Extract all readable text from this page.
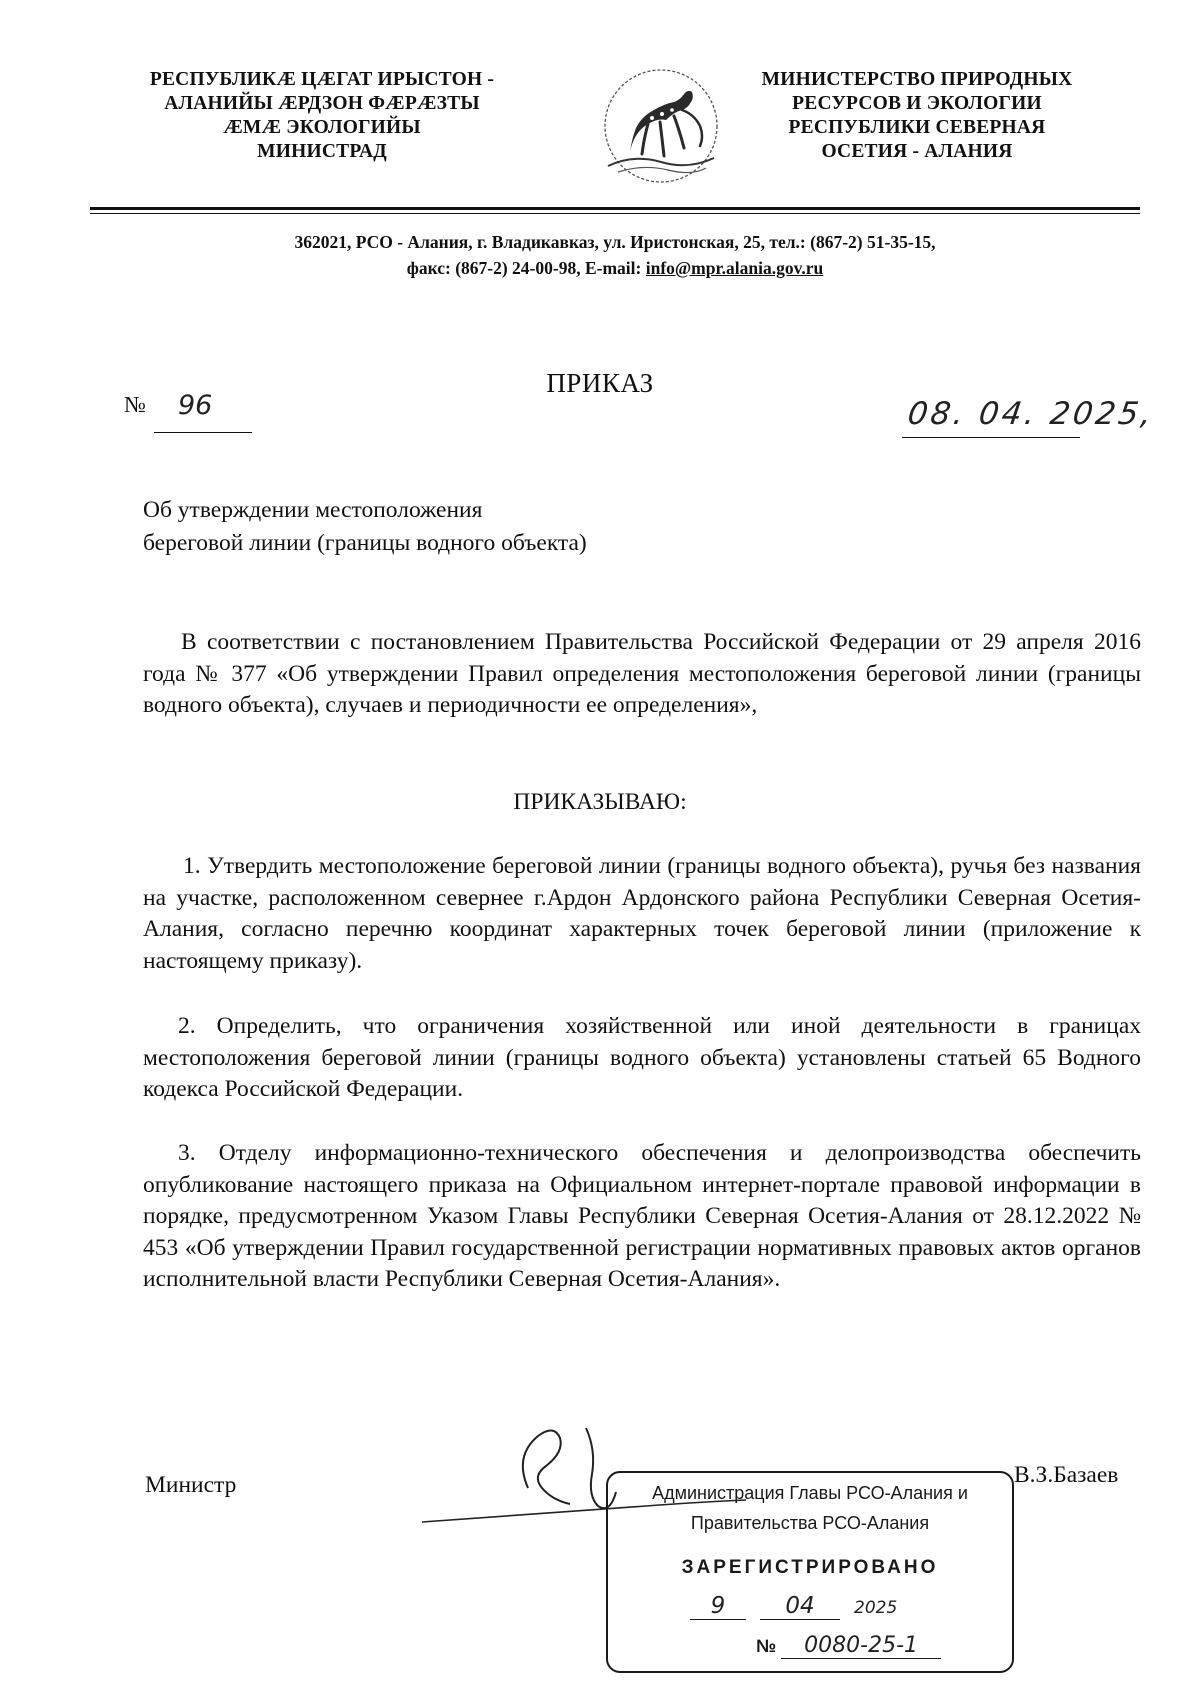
РЕСПУБЛИКÆ ЦÆГАТ ИРЫСТОН -
АЛАНИЙЫ ÆРДЗОН ФÆРÆЗТЫ
ÆМÆ ЭКОЛОГИЙЫ
МИНИСТРАД
МИНИСТЕРСТВО ПРИРОДНЫХ
РЕСУРСОВ И ЭКОЛОГИИ
РЕСПУБЛИКИ СЕВЕРНАЯ
ОСЕТИЯ - АЛАНИЯ
362021, РСО - Алания, г. Владикавказ, ул. Иристонская, 25, тел.: (867-2) 51-35-15,
факс: (867-2) 24-00-98, E-mail: info@mpr.alania.gov.ru
ПРИКАЗ
№ 96	08. 04. 2025,
Об утверждении местоположения
береговой линии (границы водного объекта)
В соответствии с постановлением Правительства Российской Федерации от 29 апреля 2016 года № 377 «Об утверждении Правил определения местоположения береговой линии (границы водного объекта), случаев и периодичности ее определения»,
ПРИКАЗЫВАЮ:
1. Утвердить местоположение береговой линии (границы водного объекта), ручья без названия на участке, расположенном севернее г.Ардон Ардонского района Республики Северная Осетия-Алания, согласно перечню координат характерных точек береговой линии (приложение к настоящему приказу).
2. Определить, что ограничения хозяйственной или иной деятельности в границах местоположения береговой линии (границы водного объекта) установлены статьей 65 Водного кодекса Российской Федерации.
3. Отделу информационно-технического обеспечения и делопроизводства обеспечить опубликование настоящего приказа на Официальном интернет-портале правовой информации в порядке, предусмотренном Указом Главы Республики Северная Осетия-Алания от 28.12.2022 № 453 «Об утверждении Правил государственной регистрации нормативных правовых актов органов исполнительной власти Республики Северная Осетия-Алания».
Министр	В.З.Базаев
Администрация Главы РСО-Алания и
Правительства РСО-Алания
ЗАРЕГИСТРИРОВАНО
9	04 2025
№ 0080-25-1
